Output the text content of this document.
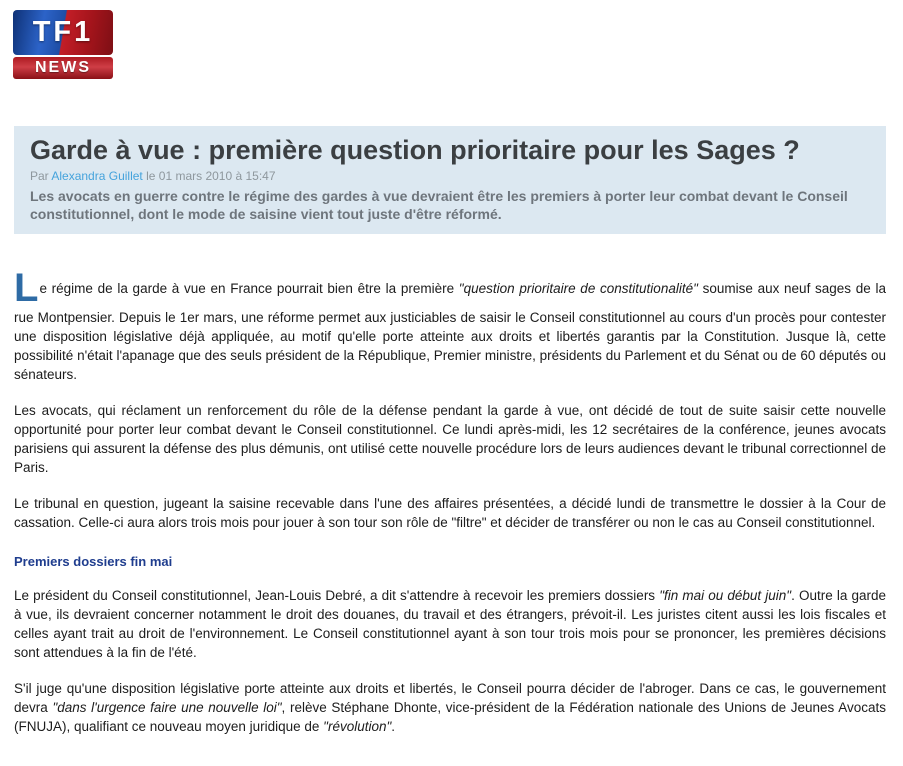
TF1
NEWS
Garde à vue : première question prioritaire pour les Sages ?
Par Alexandra Guillet le 01 mars 2010 à 15:47
Les avocats en guerre contre le régime des gardes à vue devraient être les premiers à porter leur combat devant le Conseil constitutionnel, dont le mode de saisine vient tout juste d'être réformé.

Le régime de la garde à vue en France pourrait bien être la première "question prioritaire de constitutionalité" soumise aux neuf sages de la rue Montpensier. Depuis le 1er mars, une réforme permet aux justiciables de saisir le Conseil constitutionnel au cours d'un procès pour contester une disposition législative déjà appliquée, au motif qu'elle porte atteinte aux droits et libertés garantis par la Constitution. Jusque là, cette possibilité n'était l'apanage que des seuls président de la République, Premier ministre, présidents du Parlement et du Sénat ou de 60 députés ou sénateurs.

Les avocats, qui réclament un renforcement du rôle de la défense pendant la garde à vue, ont décidé de tout de suite saisir cette nouvelle opportunité pour porter leur combat devant le Conseil constitutionnel. Ce lundi après-midi, les 12 secrétaires de la conférence, jeunes avocats parisiens qui assurent la défense des plus démunis, ont utilisé cette nouvelle procédure lors de leurs audiences devant le tribunal correctionnel de Paris.

Le tribunal en question, jugeant la saisine recevable dans l'une des affaires présentées, a décidé lundi de transmettre le dossier à la Cour de cassation. Celle-ci aura alors trois mois pour jouer à son tour son rôle de "filtre" et décider de transférer ou non le cas au Conseil constitutionnel.

Premiers dossiers fin mai

Le président du Conseil constitutionnel, Jean-Louis Debré, a dit s'attendre à recevoir les premiers dossiers "fin mai ou début juin". Outre la garde à vue, ils devraient concerner notamment le droit des douanes, du travail et des étrangers, prévoit-il. Les juristes citent aussi les lois fiscales et celles ayant trait au droit de l'environnement. Le Conseil constitutionnel ayant à son tour trois mois pour se prononcer, les premières décisions sont attendues à la fin de l'été.

S'il juge qu'une disposition législative porte atteinte aux droits et libertés, le Conseil pourra décider de l'abroger. Dans ce cas, le gouvernement devra "dans l'urgence faire une nouvelle loi", relève Stéphane Dhonte, vice-président de la Fédération nationale des Unions de Jeunes Avocats (FNUJA), qualifiant ce nouveau moyen juridique de "révolution".
